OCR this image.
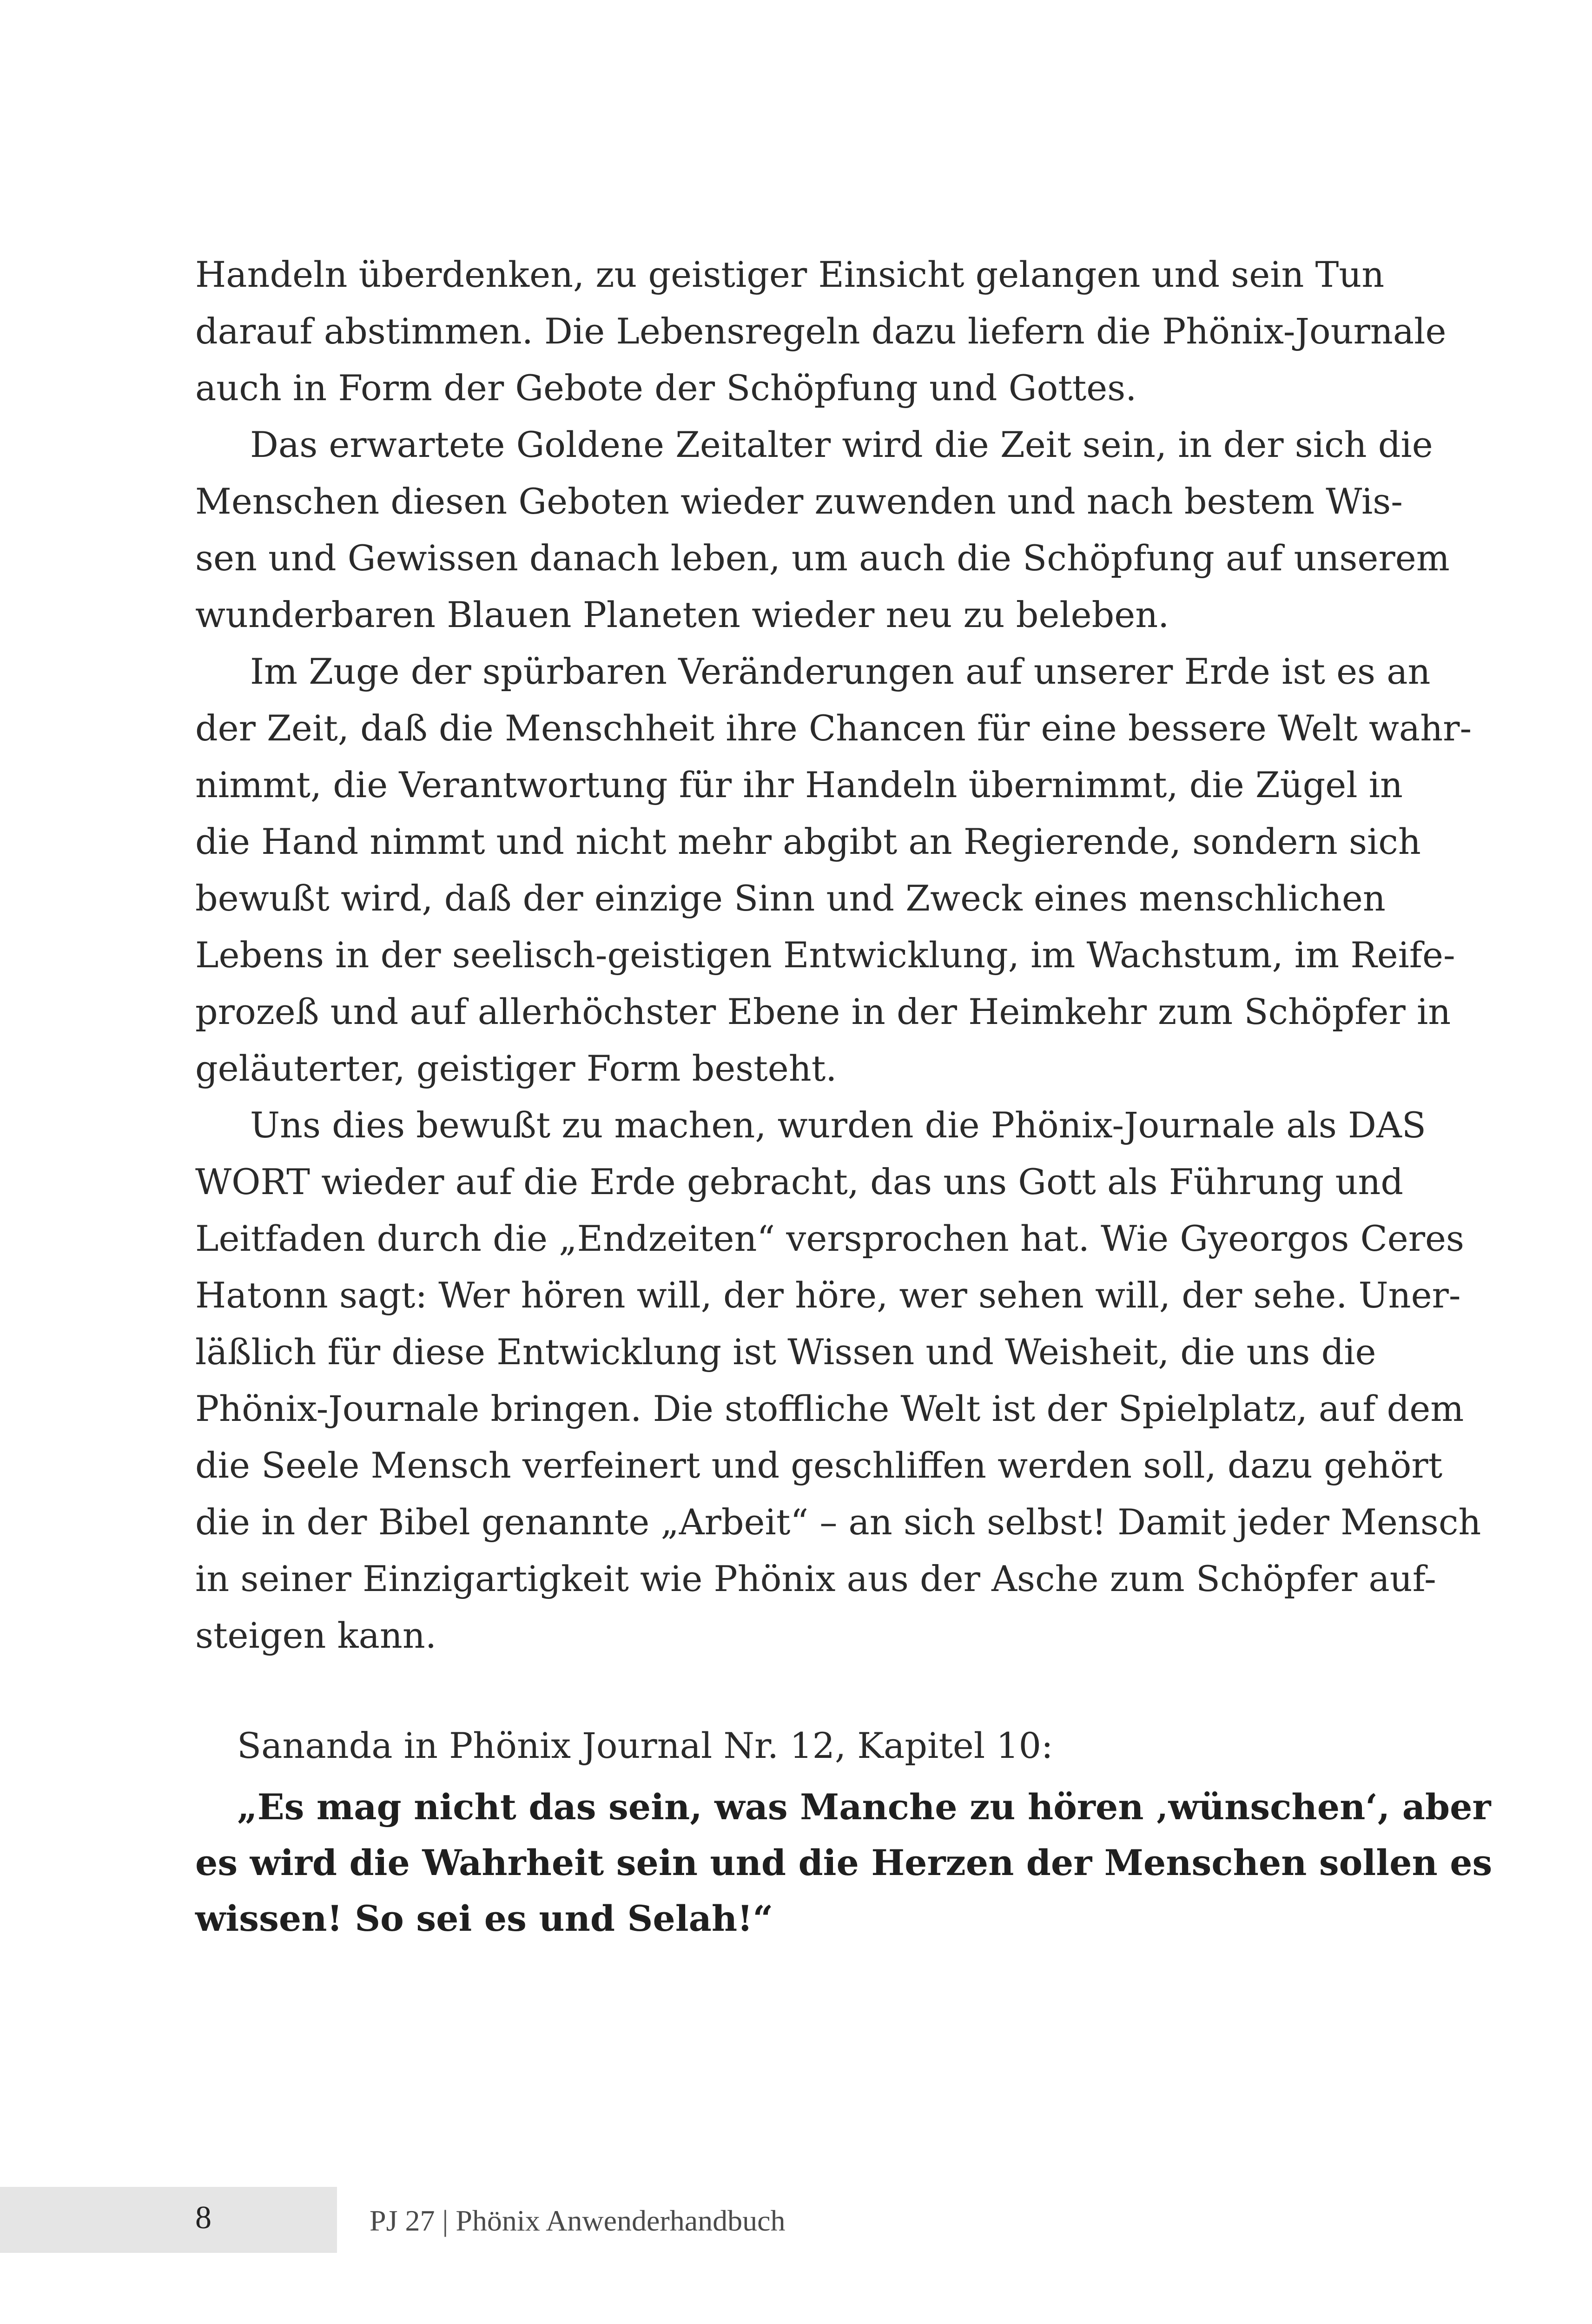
Handeln überdenken, zu geistiger Einsicht gelangen und sein Tun
darauf abstimmen. Die Lebensregeln dazu liefern die Phönix-Journale
auch in Form der Gebote der Schöpfung und Gottes.
Das erwartete Goldene Zeitalter wird die Zeit sein, in der sich die
Menschen diesen Geboten wieder zuwenden und nach bestem Wis-
sen und Gewissen danach leben, um auch die Schöpfung auf unserem
wunderbaren Blauen Planeten wieder neu zu beleben.
Im Zuge der spürbaren Veränderungen auf unserer Erde ist es an
der Zeit, daß die Menschheit ihre Chancen für eine bessere Welt wahr-
nimmt, die Verantwortung für ihr Handeln übernimmt, die Zügel in
die Hand nimmt und nicht mehr abgibt an Regierende, sondern sich
bewußt wird, daß der einzige Sinn und Zweck eines menschlichen
Lebens in der seelisch-geistigen Entwicklung, im Wachstum, im Reife-
prozeß und auf allerhöchster Ebene in der Heimkehr zum Schöpfer in
geläuterter, geistiger Form besteht.
Uns dies bewußt zu machen, wurden die Phönix-Journale als DAS
WORT wieder auf die Erde gebracht, das uns Gott als Führung und
Leitfaden durch die „Endzeiten“ versprochen hat. Wie Gyeorgos Ceres
Hatonn sagt: Wer hören will, der höre, wer sehen will, der sehe. Uner-
läßlich für diese Entwicklung ist Wissen und Weisheit, die uns die
Phönix-Journale bringen. Die stoffliche Welt ist der Spielplatz, auf dem
die Seele Mensch verfeinert und geschliffen werden soll, dazu gehört
die in der Bibel genannte „Arbeit“ – an sich selbst! Damit jeder Mensch
in seiner Einzigartigkeit wie Phönix aus der Asche zum Schöpfer auf-
steigen kann.
Sananda in Phönix Journal Nr. 12, Kapitel 10:
„Es mag nicht das sein, was Manche zu hören ‚wünschen‘, aber
es wird die Wahrheit sein und die Herzen der Menschen sollen es
wissen! So sei es und Selah!“
8	PJ 27 | Phönix Anwenderhandbuch
